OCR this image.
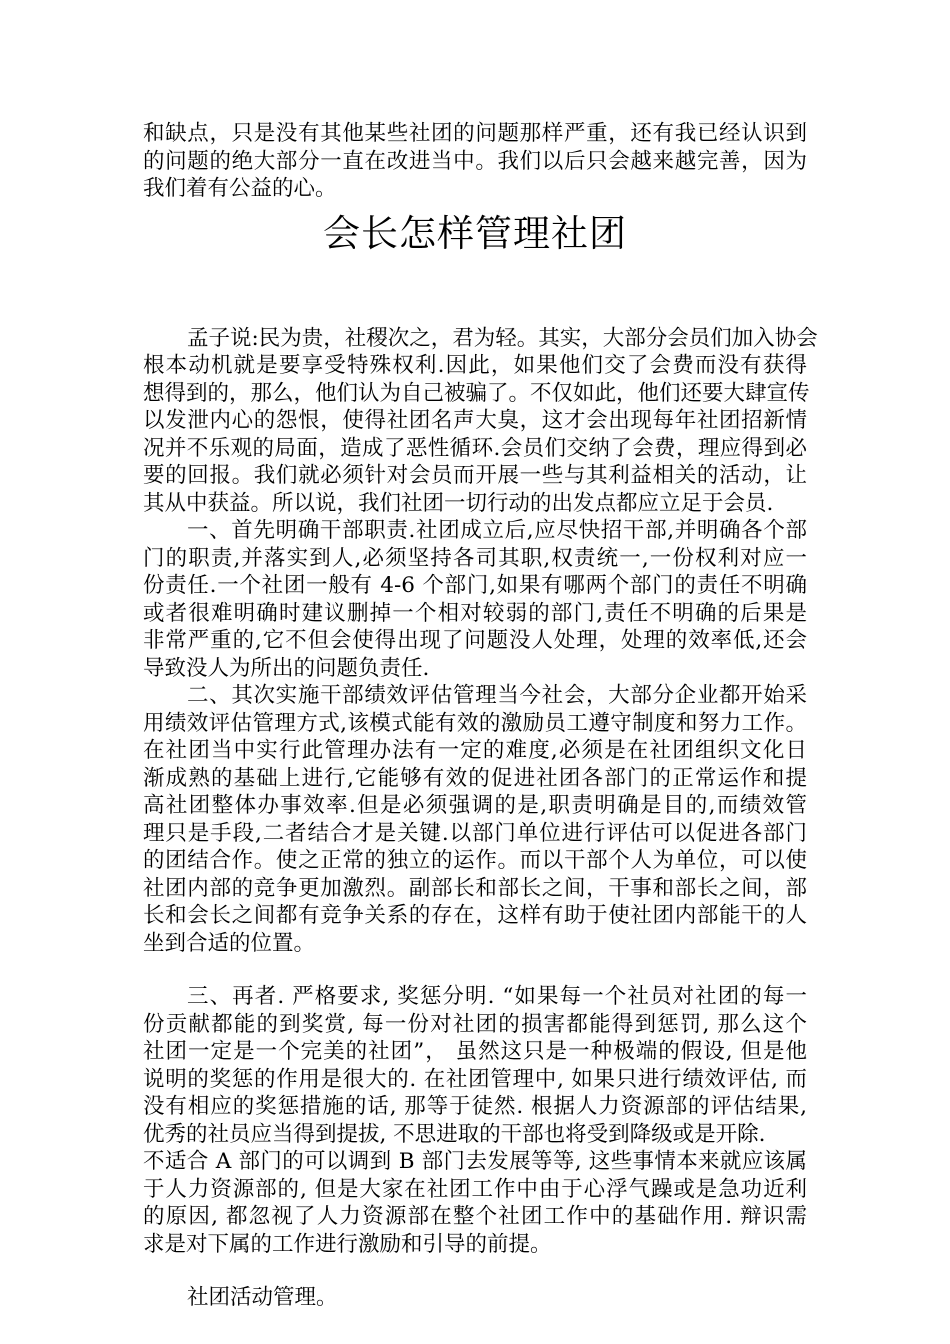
和缺点，只是没有其他某些社团的问题那样严重，还有我已经认识到
的问题的绝大部分一直在改进当中。我们以后只会越来越完善，因为
我们着有公益的心。
会长怎样管理社团
孟子说:民为贵，社稷次之，君为轻。其实，大部分会员们加入协会
根本动机就是要享受特殊权利.因此，如果他们交了会费而没有获得
想得到的，那么，他们认为自己被骗了。不仅如此，他们还要大肆宣传
以发泄内心的怨恨，使得社团名声大臭，这才会出现每年社团招新情
况并不乐观的局面，造成了恶性循环.会员们交纳了会费，理应得到必
要的回报。我们就必须针对会员而开展一些与其利益相关的活动，让
其从中获益。所以说，我们社团一切行动的出发点都应立足于会员.
一、首先明确干部职责.社团成立后,应尽快招干部,并明确各个部
门的职责,并落实到人,必须坚持各司其职,权责统一,一份权利对应一
份责任.一个社团一般有 4-6 个部门,如果有哪两个部门的责任不明确
或者很难明确时建议删掉一个相对较弱的部门,责任不明确的后果是
非常严重的,它不但会使得出现了问题没人处理，处理的效率低,还会
导致没人为所出的问题负责任.
二、其次实施干部绩效评估管理当今社会，大部分企业都开始采
用绩效评估管理方式,该模式能有效的激励员工遵守制度和努力工作。
在社团当中实行此管理办法有一定的难度,必须是在社团组织文化日
渐成熟的基础上进行,它能够有效的促进社团各部门的正常运作和提
高社团整体办事效率.但是必须强调的是,职责明确是目的,而绩效管
理只是手段,二者结合才是关键.以部门单位进行评估可以促进各部门
的团结合作。使之正常的独立的运作。而以干部个人为单位，可以使
社团内部的竞争更加激烈。副部长和部长之间，干事和部长之间，部
长和会长之间都有竞争关系的存在，这样有助于使社团内部能干的人
坐到合适的位置。
三、再者. 严格要求, 奖惩分明. “如果每一个社员对社团的每一
份贡献都能的到奖赏, 每一份对社团的损害都能得到惩罚, 那么这个
社团一定是一个完美的社团”， 虽然这只是一种极端的假设, 但是他
说明的奖惩的作用是很大的. 在社团管理中, 如果只进行绩效评估, 而
没有相应的奖惩措施的话, 那等于徒然. 根据人力资源部的评估结果,
优秀的社员应当得到提拔, 不思进取的干部也将受到降级或是开除.
不适合 A 部门的可以调到 B 部门去发展等等, 这些事情本来就应该属
于人力资源部的, 但是大家在社团工作中由于心浮气躁或是急功近利
的原因, 都忽视了人力资源部在整个社团工作中的基础作用. 辩识需
求是对下属的工作进行激励和引导的前提。
社团活动管理。
